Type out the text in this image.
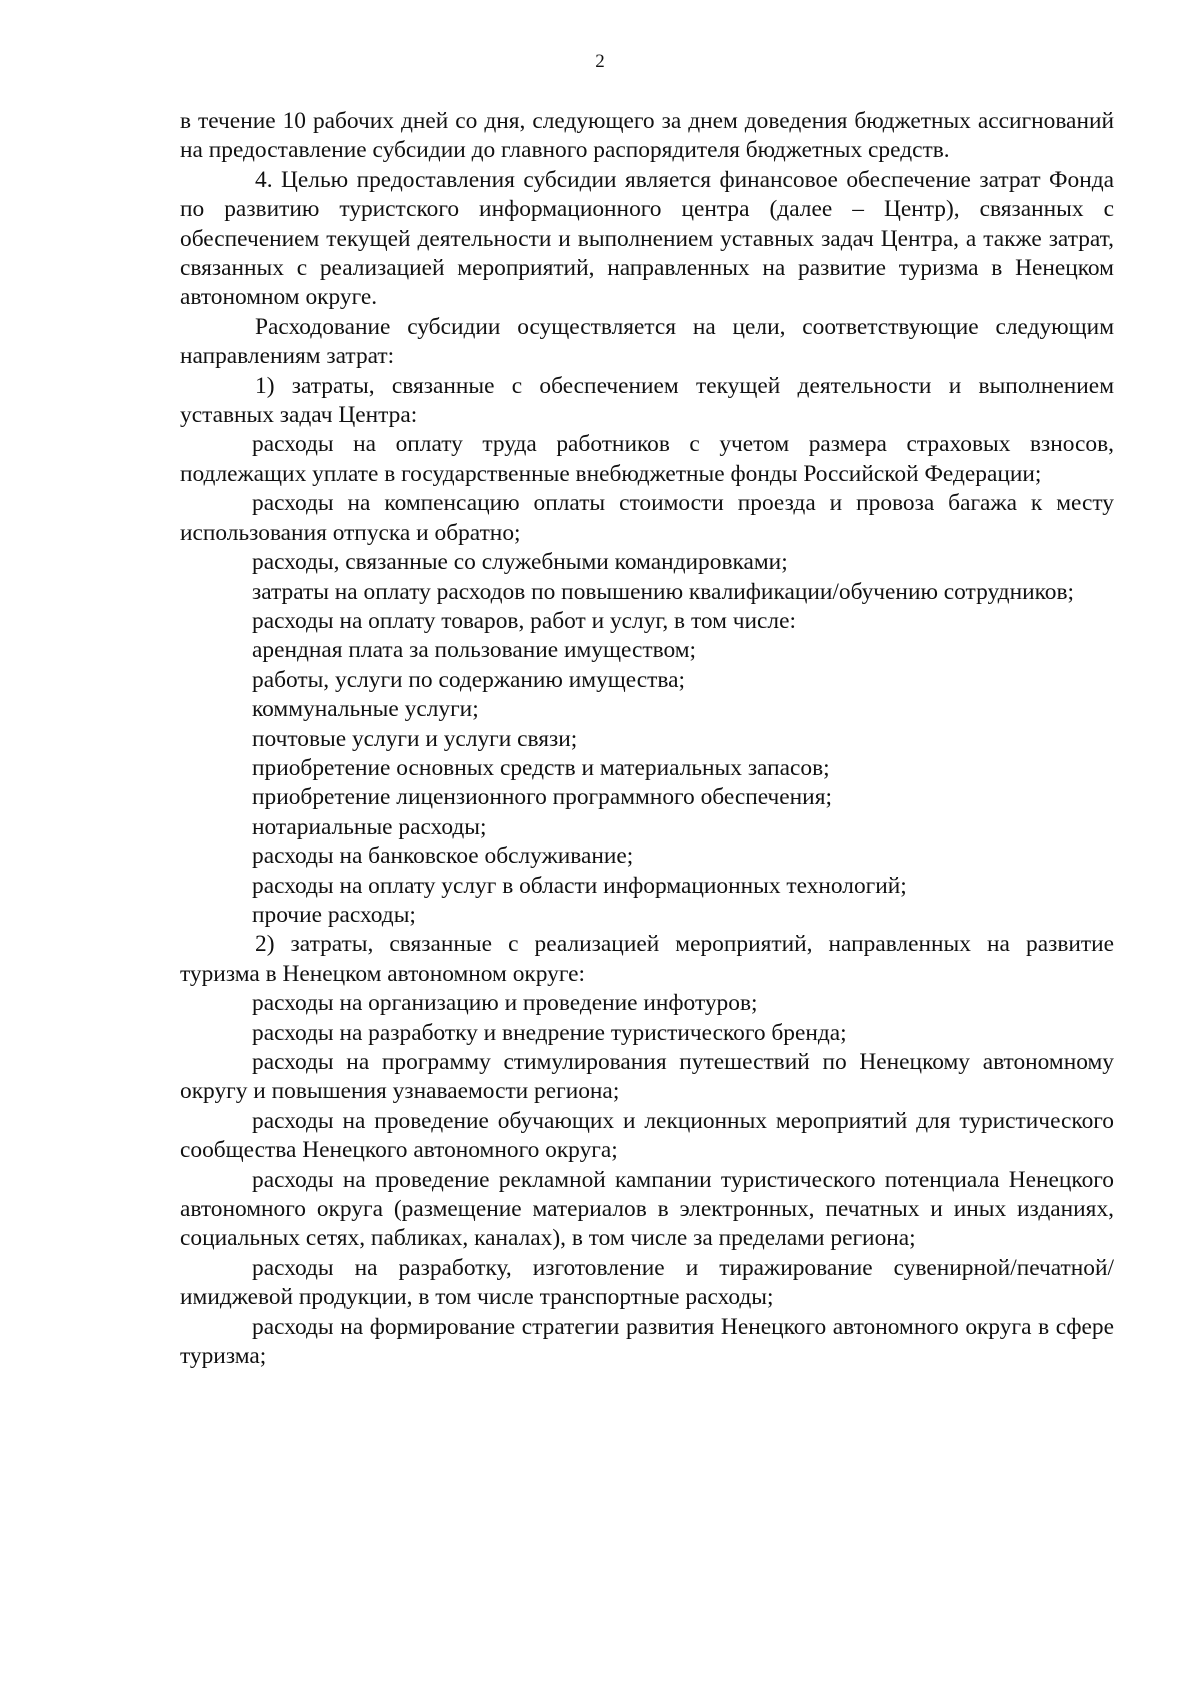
2

в течение 10 рабочих дней со дня, следующего за днем доведения бюджетных ассигнований на предоставление субсидии до главного распорядителя бюджетных средств.

4. Целью предоставления субсидии является финансовое обеспечение затрат Фонда по развитию туристского информационного центра (далее – Центр), связанных с обеспечением текущей деятельности и выполнением уставных задач Центра, а также затрат, связанных с реализацией мероприятий, направленных на развитие туризма в Ненецком автономном округе.

Расходование субсидии осуществляется на цели, соответствующие следующим направлениям затрат:

1) затраты, связанные с обеспечением текущей деятельности и выполнением уставных задач Центра:

расходы на оплату труда работников с учетом размера страховых взносов, подлежащих уплате в государственные внебюджетные фонды Российской Федерации;

расходы на компенсацию оплаты стоимости проезда и провоза багажа к месту использования отпуска и обратно;

расходы, связанные со служебными командировками;

затраты на оплату расходов по повышению квалификации/обучению сотрудников;

расходы на оплату товаров, работ и услуг, в том числе:

арендная плата за пользование имуществом;

работы, услуги по содержанию имущества;

коммунальные услуги;

почтовые услуги и услуги связи;

приобретение основных средств и материальных запасов;

приобретение лицензионного программного обеспечения;

нотариальные расходы;

расходы на банковское обслуживание;

расходы на оплату услуг в области информационных технологий;

прочие расходы;

2) затраты, связанные с реализацией мероприятий, направленных на развитие туризма в Ненецком автономном округе:

расходы на организацию и проведение инфотуров;

расходы на разработку и внедрение туристического бренда;

расходы на программу стимулирования путешествий по Ненецкому автономному округу и повышения узнаваемости региона;

расходы на проведение обучающих и лекционных мероприятий для туристического сообщества Ненецкого автономного округа;

расходы на проведение рекламной кампании туристического потенциала Ненецкого автономного округа (размещение материалов в электронных, печатных и иных изданиях, социальных сетях, пабликах, каналах), в том числе за пределами региона;

расходы на разработку, изготовление и тиражирование сувенирной/печатной/имиджевой продукции, в том числе транспортные расходы;

расходы на формирование стратегии развития Ненецкого автономного округа в сфере туризма;
